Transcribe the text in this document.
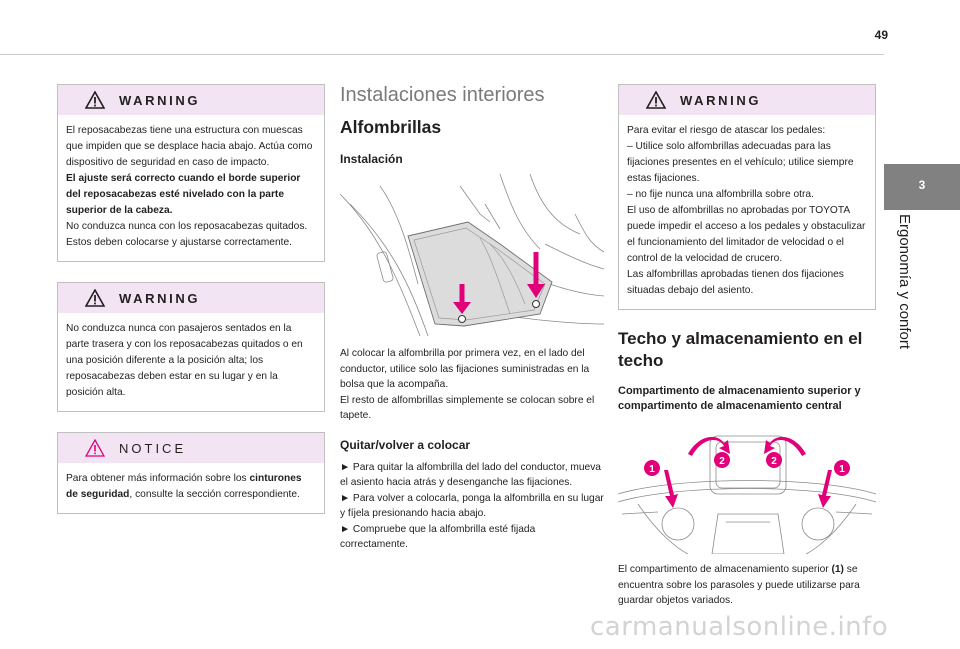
49
3
Ergonomía y confort
WARNING

El reposacabezas tiene una estructura con muescas que impiden que se desplace hacia abajo. Actúa como dispositivo de seguridad en caso de impacto.

El ajuste será correcto cuando el borde superior del reposacabezas esté nivelado con la parte superior de la cabeza.

No conduzca nunca con los reposacabezas quitados. Estos deben colocarse y ajustarse correctamente.

WARNING

No conduzca nunca con pasajeros sentados en la parte trasera y con los reposacabezas quitados o en una posición diferente a la posición alta; los reposacabezas deben estar en su lugar y en la posición alta.

NOTICE

Para obtener más información sobre los cinturones de seguridad, consulte la sección correspondiente.

Instalaciones interiores
Alfombrillas
Instalación

Al colocar la alfombrilla por primera vez, en el lado del conductor, utilice solo las fijaciones suministradas en la bolsa que la acompaña.

El resto de alfombrillas simplemente se colocan sobre el tapete.

Quitar/volver a colocar

► Para quitar la alfombrilla del lado del conductor, mueva el asiento hacia atrás y desenganche las fijaciones.

► Para volver a colocarla, ponga la alfombrilla en su lugar y fíjela presionando hacia abajo.

► Compruebe que la alfombrilla esté fijada correctamente.

WARNING

Para evitar el riesgo de atascar los pedales:

– Utilice solo alfombrillas adecuadas para las fijaciones presentes en el vehículo; utilice siempre estas fijaciones.

– no fije nunca una alfombrilla sobre otra.

El uso de alfombrillas no aprobadas por TOYOTA puede impedir el acceso a los pedales y obstaculizar el funcionamiento del limitador de velocidad o el control de la velocidad de crucero.

Las alfombrillas aprobadas tienen dos fijaciones situadas debajo del asiento.

Techo y almacenamiento en el techo
Compartimento de almacenamiento superior y compartimento de almacenamiento central
1
2	2
1

El compartimento de almacenamiento superior (1) se encuentra sobre los parasoles y puede utilizarse para guardar objetos variados.

carmanualsonline.info
